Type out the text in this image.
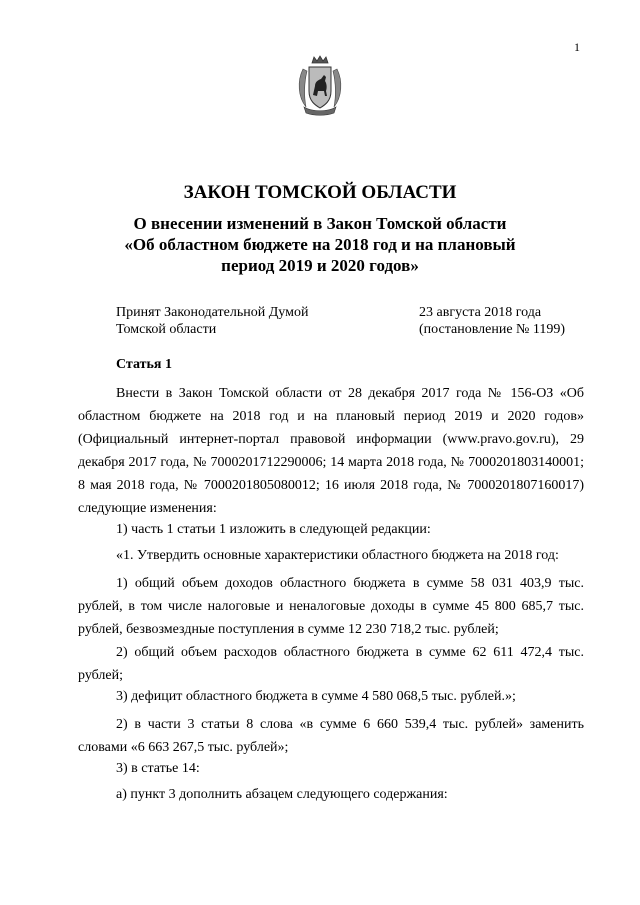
1
ЗАКОН ТОМСКОЙ ОБЛАСТИ
О внесении изменений в Закон Томской области
«Об областном бюджете на 2018 год и на плановый
период 2019 и 2020 годов»
Принят Законодательной Думой
Томской области
23 августа 2018 года
(постановление № 1199)
Статья 1

Внести в Закон Томской области от 28 декабря 2017 года № 156-ОЗ «Об областном бюджете на 2018 год и на плановый период 2019 и 2020 годов» (Официальный интернет-портал правовой информации (www.pravo.gov.ru), 29 декабря 2017 года, № 7000201712290006; 14 марта 2018 года, № 7000201803140001; 8 мая 2018 года, № 7000201805080012; 16 июля 2018 года, № 7000201807160017) следующие изменения:

1) часть 1 статьи 1 изложить в следующей редакции:

«1. Утвердить основные характеристики областного бюджета на 2018 год:

1) общий объем доходов областного бюджета в сумме 58 031 403,9 тыс. рублей, в том числе налоговые и неналоговые доходы в сумме 45 800 685,7 тыс. рублей, безвозмездные поступления в сумме 12 230 718,2 тыс. рублей;

2) общий объем расходов областного бюджета в сумме 62 611 472,4 тыс. рублей;

3) дефицит областного бюджета в сумме 4 580 068,5 тыс. рублей.»;

2) в части 3 статьи 8 слова «в сумме 6 660 539,4 тыс. рублей» заменить словами «6 663 267,5 тыс. рублей»;

3) в статье 14:

а) пункт 3 дополнить абзацем следующего содержания:
